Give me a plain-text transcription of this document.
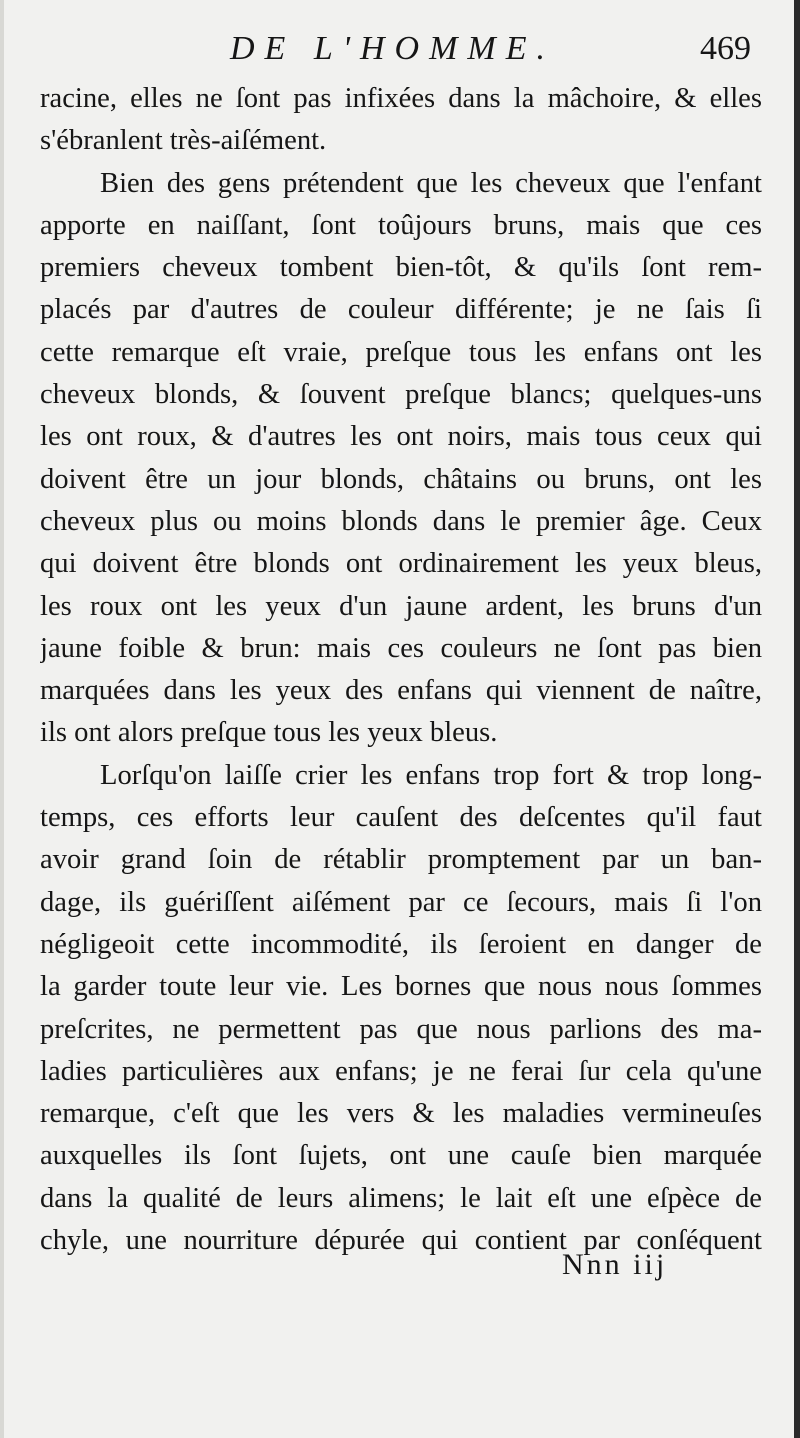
DE L'HOMME.	469
racine, elles ne ſont pas infixées dans la mâchoire, & elles
s'ébranlent très-aiſément.
Bien des gens prétendent que les cheveux que l'enfant
apporte en naiſſant, ſont toûjours bruns, mais que ces
premiers cheveux tombent bien-tôt, & qu'ils ſont rem-
placés par d'autres de couleur différente; je ne ſais ſi
cette remarque eſt vraie, preſque tous les enfans ont les
cheveux blonds, & ſouvent preſque blancs; quelques-uns
les ont roux, & d'autres les ont noirs, mais tous ceux qui
doivent être un jour blonds, châtains ou bruns, ont les
cheveux plus ou moins blonds dans le premier âge. Ceux
qui doivent être blonds ont ordinairement les yeux bleus,
les roux ont les yeux d'un jaune ardent, les bruns d'un
jaune foible & brun: mais ces couleurs ne ſont pas bien
marquées dans les yeux des enfans qui viennent de naître,
ils ont alors preſque tous les yeux bleus.
Lorſqu'on laiſſe crier les enfans trop fort & trop long-
temps, ces efforts leur cauſent des deſcentes qu'il faut
avoir grand ſoin de rétablir promptement par un ban-
dage, ils guériſſent aiſément par ce ſecours, mais ſi l'on
négligeoit cette incommodité, ils ſeroient en danger de
la garder toute leur vie. Les bornes que nous nous ſommes
preſcrites, ne permettent pas que nous parlions des ma-
ladies particulières aux enfans; je ne ferai ſur cela qu'une
remarque, c'eſt que les vers & les maladies vermineuſes
auxquelles ils ſont ſujets, ont une cauſe bien marquée
dans la qualité de leurs alimens; le lait eſt une eſpèce de
chyle, une nourriture dépurée qui contient par conſéquent
Nnn iij
